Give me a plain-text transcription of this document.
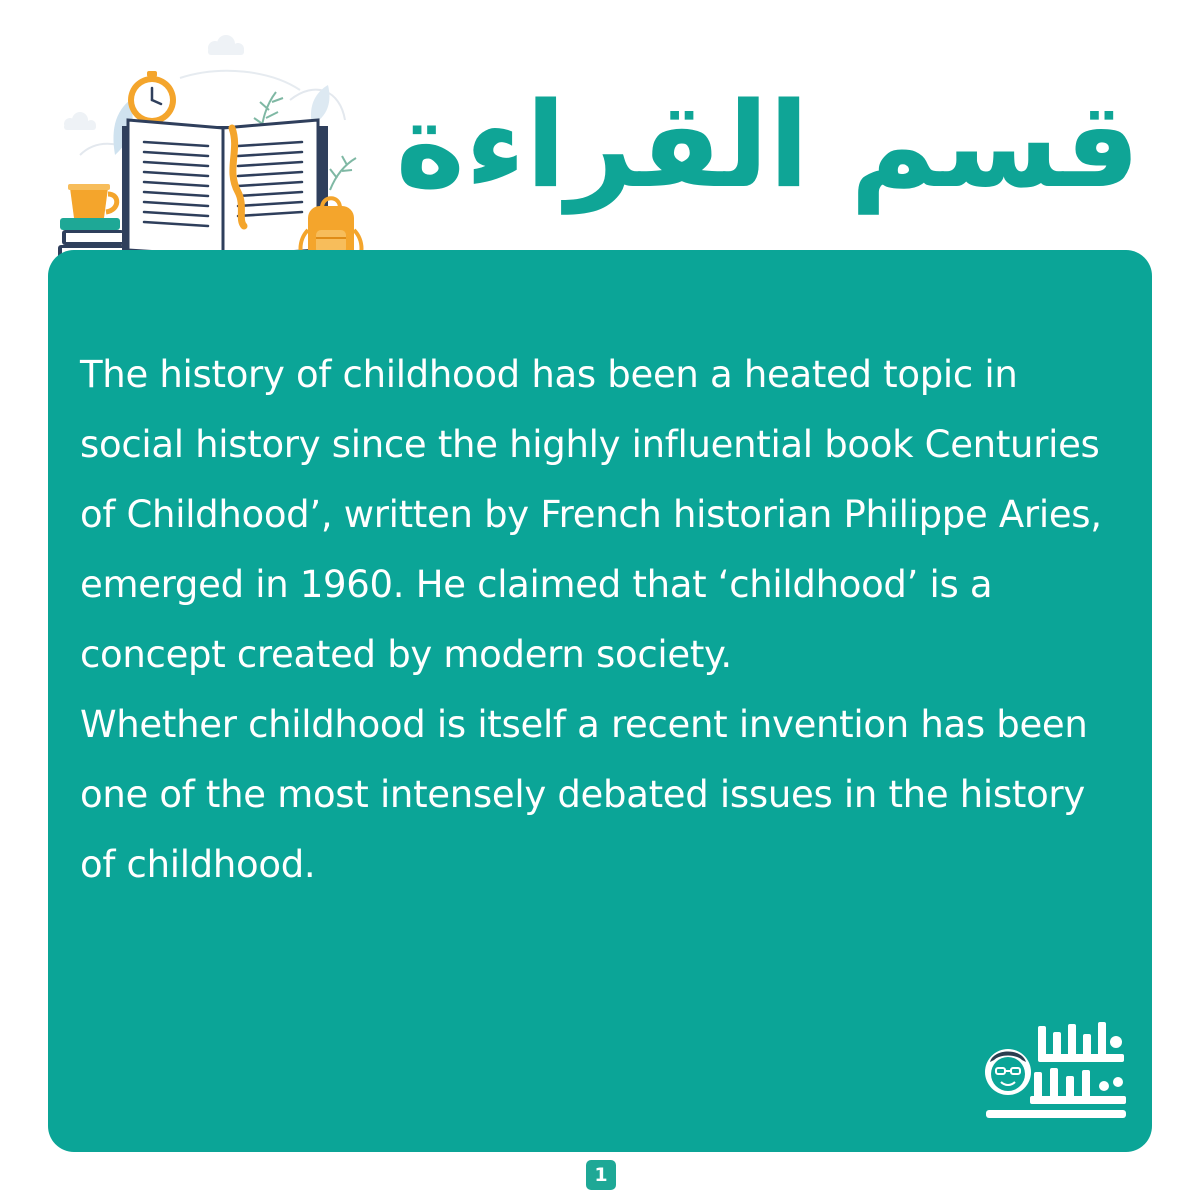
قسم القراءة

The history of childhood has been a heated topic in social history since the highly influential book Centuries of Childhood’, written by French historian Philippe Aries, emerged in 1960. He claimed that ‘childhood’ is a concept created by modern society.

Whether childhood is itself a recent invention has been one of the most intensely debated issues in the history of childhood.

1
